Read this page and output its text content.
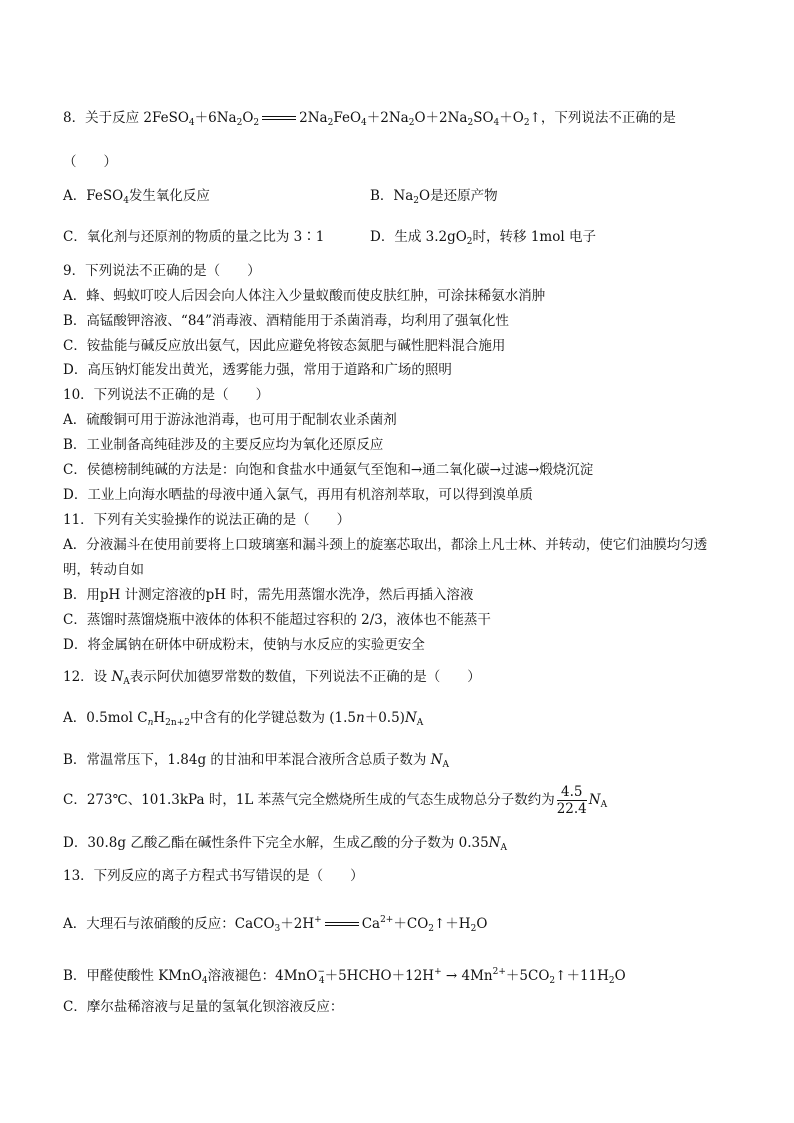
8．关于反应 $2FeSO_4+6Na_2O_2$	$2Na_2FeO_4+2Na_2O+2Na_2SO_4+O_2↑$，下列说法不正确的是
（　　）
A．FeSO$_4$发生氧化反应	B．$Na_2O$是还原产物
C．氧化剂与还原剂的物质的量之比为 3∶1	D．生成 $3.2gO_2$时，转移 1mol 电子
9．下列说法不正确的是（　　）
A．蜂、蚂蚁叮咬人后因会向人体注入少量蚁酸而使皮肤红肿，可涂抹稀氨水消肿
B．高锰酸钾溶液、“84”消毒液、酒精能用于杀菌消毒，均利用了强氧化性
C．铵盐能与碱反应放出氨气，因此应避免将铵态氮肥与碱性肥料混合施用
D．高压钠灯能发出黄光，透雾能力强，常用于道路和广场的照明
10．下列说法不正确的是（　　）
A．硫酸铜可用于游泳池消毒，也可用于配制农业杀菌剂
B．工业制备高纯硅涉及的主要反应均为氧化还原反应
C．侯德榜制纯碱的方法是：向饱和食盐水中通氨气至饱和→通二氧化碳→过滤→煅烧沉淀
D．工业上向海水晒盐的母液中通入氯气，再用有机溶剂萃取，可以得到溴单质
11．下列有关实验操作的说法正确的是（　　）
A．分液漏斗在使用前要将上口玻璃塞和漏斗颈上的旋塞芯取出，都涂上凡士林、并转动，使它们油膜均匀透
明，转动自如
B．用pH 计测定溶液的pH 时，需先用蒸馏水洗净，然后再插入溶液
C．蒸馏时蒸馏烧瓶中液体的体积不能超过容积的 2/3，液体也不能蒸干
D．将金属钠在研体中研成粉末，使钠与水反应的实验更安全
12．设 $N_A$表示阿伏加德罗常数的数值，下列说法不正确的是（　　）
A．0.5mol $C_nH_{2n+2}$中含有的化学键总数为 $(1.5n+0.5)N_A$
B．常温常压下，1.84g 的甘油和甲苯混合液所含总质子数为 $N_A$
C．273℃、101.3kPa 时，1L 苯蒸气完全燃烧所生成的气态生成物总分子数约为 $\frac{4.5}{22.4} N_A$
D．30.8g 乙酸乙酯在碱性条件下完全水解，生成乙酸的分子数为 $0.35N_A$
13．下列反应的离子方程式书写错误的是（　　）
A．大理石与浓硝酸的反应：CaCO$_3$＋2H+	$Ca^{2+}+CO_2↑+H_2O$
B．甲醛使酸性 KMnO$_4$溶液褪色：4MnO−$_4$＋5HCHO＋12H+ → $4Mn^{2+}+5CO_2↑+11H_2O$
C．摩尔盐稀溶液与足量的氢氧化钡溶液反应：
